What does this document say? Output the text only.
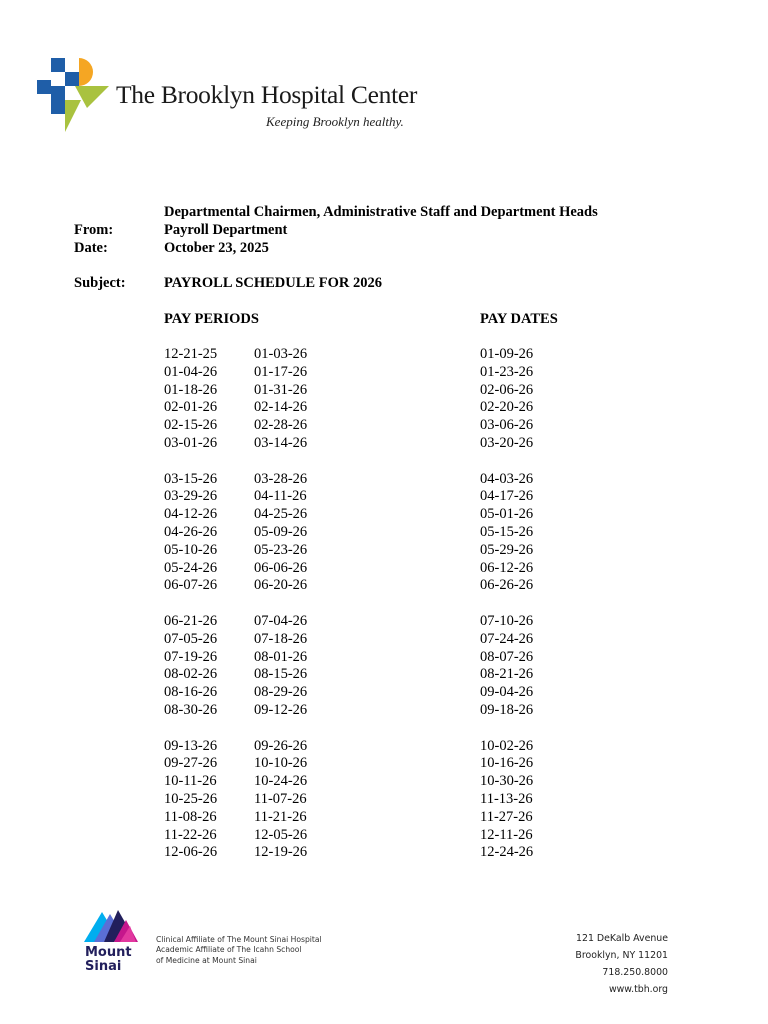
The Brooklyn Hospital Center
Keeping Brooklyn healthy.
Departmental Chairmen, Administrative Staff and Department Heads
From:	Payroll Department
Date:	October 23, 2025
Subject:	PAYROLL SCHEDULE FOR 2026
PAY PERIODS	PAY DATES
12-21-25	01-03-26	01-09-26
01-04-26	01-17-26	01-23-26
01-18-26	01-31-26	02-06-26
02-01-26	02-14-26	02-20-26
02-15-26	02-28-26	03-06-26
03-01-26	03-14-26	03-20-26
03-15-26	03-28-26	04-03-26
03-29-26	04-11-26	04-17-26
04-12-26	04-25-26	05-01-26
04-26-26	05-09-26	05-15-26
05-10-26	05-23-26	05-29-26
05-24-26	06-06-26	06-12-26
06-07-26	06-20-26	06-26-26
06-21-26	07-04-26	07-10-26
07-05-26	07-18-26	07-24-26
07-19-26	08-01-26	08-07-26
08-02-26	08-15-26	08-21-26
08-16-26	08-29-26	09-04-26
08-30-26	09-12-26	09-18-26
09-13-26	09-26-26	10-02-26
09-27-26	10-10-26	10-16-26
10-11-26	10-24-26	10-30-26
10-25-26	11-07-26	11-13-26
11-08-26	11-21-26	11-27-26
11-22-26	12-05-26	12-11-26
12-06-26	12-19-26	12-24-26
Mount
Sinai
Clinical Affiliate of The Mount Sinai Hospital
Academic Affiliate of The Icahn School
of Medicine at Mount Sinai
121 DeKalb Avenue
Brooklyn, NY 11201
718.250.8000
www.tbh.org
